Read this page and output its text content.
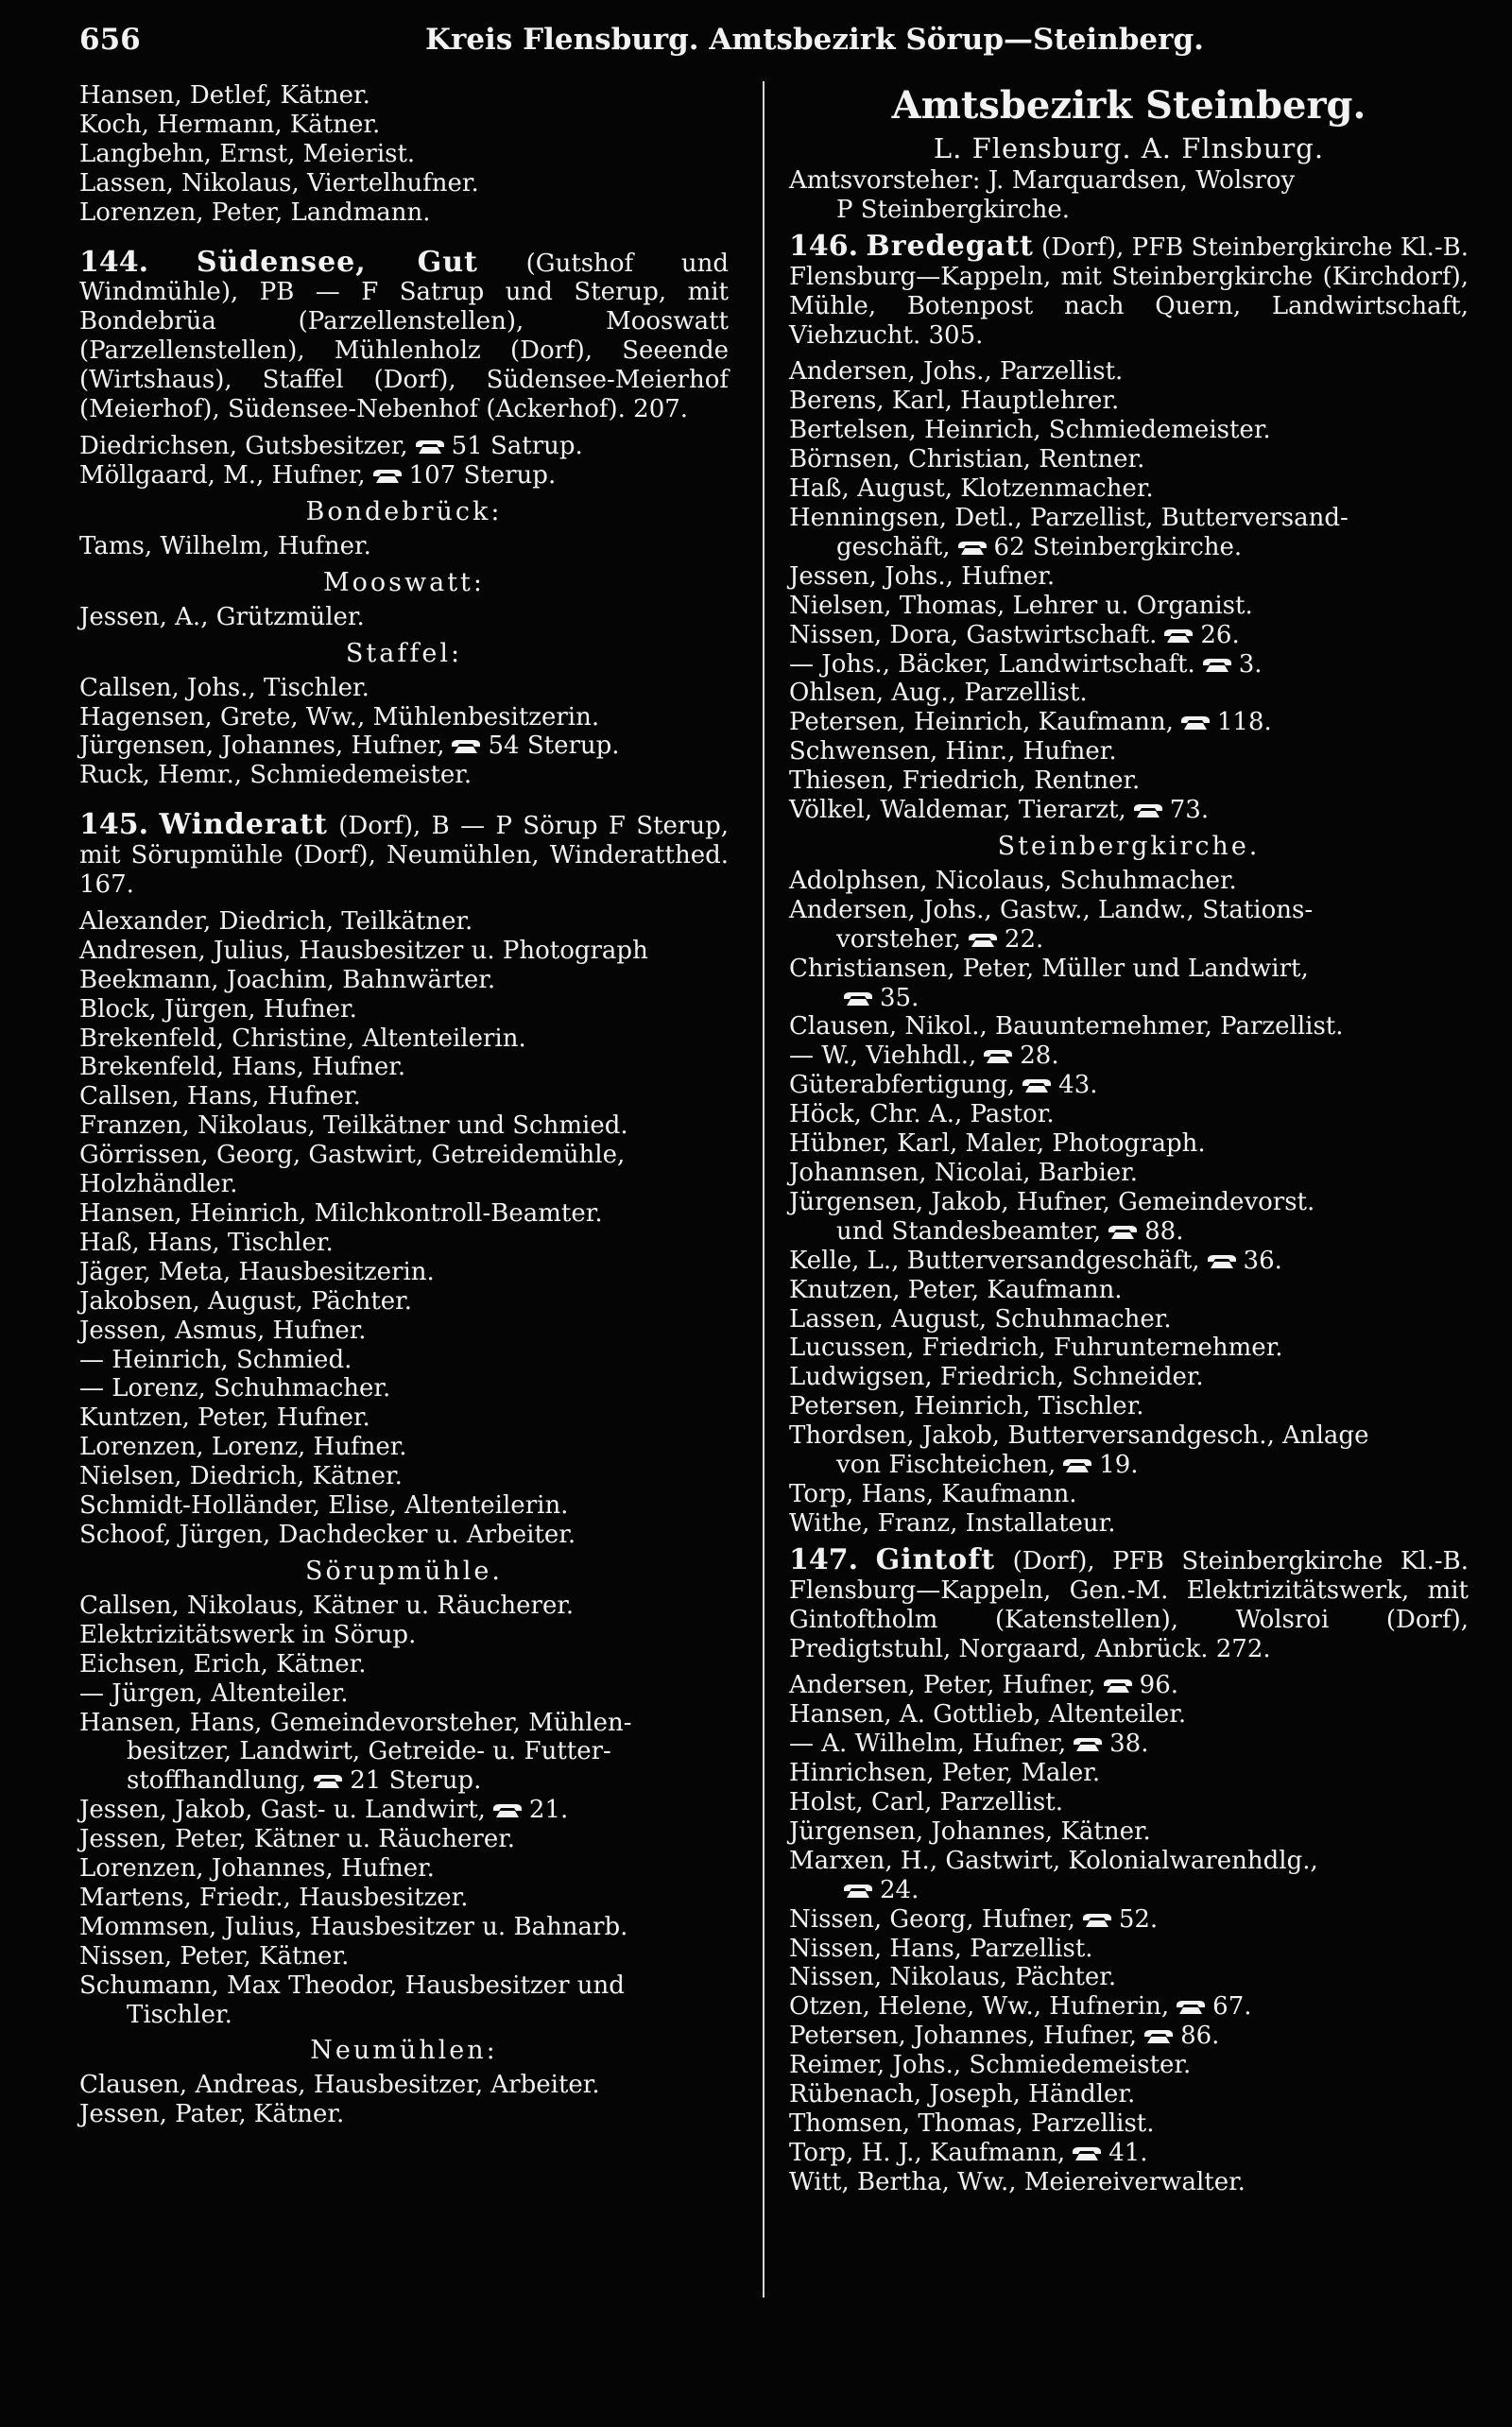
656	Kreis Flensburg. Amtsbezirk Sörup—Steinberg.
Hansen, Detlef, Kätner.
Koch, Hermann, Kätner.
Langbehn, Ernst, Meierist.
Lassen, Nikolaus, Viertelhufner.
Lorenzen, Peter, Landmann.
144. Südensee, Gut (Gutshof und Windmühle), PB — F Satrup und Sterup, mit Bondebrüa (Parzellenstellen), Mooswatt (Parzellenstellen), Mühlenholz (Dorf), Seeende (Wirtshaus), Staffel (Dorf), Südensee-Meierhof (Meierhof), Südensee-Nebenhof (Ackerhof). 207.
Diedrichsen, Gutsbesitzer, 51 Satrup.
Möllgaard, M., Hufner, 107 Sterup.
Bondebrück:
Tams, Wilhelm, Hufner.
Mooswatt:
Jessen, A., Grützmüler.
Staffel:
Callsen, Johs., Tischler.
Hagensen, Grete, Ww., Mühlenbesitzerin.
Jürgensen, Johannes, Hufner, 54 Sterup.
Ruck, Hemr., Schmiedemeister.
145. Winderatt (Dorf), B — P Sörup F Sterup, mit Sörupmühle (Dorf), Neumühlen, Winderatthed. 167.
Alexander, Diedrich, Teilkätner.
Andresen, Julius, Hausbesitzer u. Photograph
Beekmann, Joachim, Bahnwärter.
Block, Jürgen, Hufner.
Brekenfeld, Christine, Altenteilerin.
Brekenfeld, Hans, Hufner.
Callsen, Hans, Hufner.
Franzen, Nikolaus, Teilkätner und Schmied.
Görrissen, Georg, Gastwirt, Getreidemühle,
Holzhändler.
Hansen, Heinrich, Milchkontroll-Beamter.
Haß, Hans, Tischler.
Jäger, Meta, Hausbesitzerin.
Jakobsen, August, Pächter.
Jessen, Asmus, Hufner.
— Heinrich, Schmied.
— Lorenz, Schuhmacher.
Kuntzen, Peter, Hufner.
Lorenzen, Lorenz, Hufner.
Nielsen, Diedrich, Kätner.
Schmidt-Holländer, Elise, Altenteilerin.
Schoof, Jürgen, Dachdecker u. Arbeiter.
Sörupmühle.
Callsen, Nikolaus, Kätner u. Räucherer.
Elektrizitätswerk in Sörup.
Eichsen, Erich, Kätner.
— Jürgen, Altenteiler.
Hansen, Hans, Gemeindevorsteher, Mühlen-
besitzer, Landwirt, Getreide- u. Futter-
stoffhandlung, 21 Sterup.
Jessen, Jakob, Gast- u. Landwirt, 21.
Jessen, Peter, Kätner u. Räucherer.
Lorenzen, Johannes, Hufner.
Martens, Friedr., Hausbesitzer.
Mommsen, Julius, Hausbesitzer u. Bahnarb.
Nissen, Peter, Kätner.
Schumann, Max Theodor, Hausbesitzer und
Tischler.
Neumühlen:
Clausen, Andreas, Hausbesitzer, Arbeiter.
Jessen, Pater, Kätner.
Amtsbezirk Steinberg.
L. Flensburg. A. Flnsburg.
Amtsvorsteher: J. Marquardsen, Wolsroy
P Steinbergkirche.
146. Bredegatt (Dorf), PFB Steinbergkirche Kl.-B. Flensburg—Kappeln, mit Steinbergkirche (Kirchdorf), Mühle, Botenpost nach Quern, Landwirtschaft, Viehzucht. 305.
Andersen, Johs., Parzellist.
Berens, Karl, Hauptlehrer.
Bertelsen, Heinrich, Schmiedemeister.
Börnsen, Christian, Rentner.
Haß, August, Klotzenmacher.
Henningsen, Detl., Parzellist, Butterversand-
geschäft, 62 Steinbergkirche.
Jessen, Johs., Hufner.
Nielsen, Thomas, Lehrer u. Organist.
Nissen, Dora, Gastwirtschaft. 26.
— Johs., Bäcker, Landwirtschaft. 3.
Ohlsen, Aug., Parzellist.
Petersen, Heinrich, Kaufmann, 118.
Schwensen, Hinr., Hufner.
Thiesen, Friedrich, Rentner.
Völkel, Waldemar, Tierarzt, 73.
Steinbergkirche.
Adolphsen, Nicolaus, Schuhmacher.
Andersen, Johs., Gastw., Landw., Stations-
vorsteher, 22.
Christiansen, Peter, Müller und Landwirt,
35.
Clausen, Nikol., Bauunternehmer, Parzellist.
— W., Viehhdl., 28.
Güterabfertigung, 43.
Höck, Chr. A., Pastor.
Hübner, Karl, Maler, Photograph.
Johannsen, Nicolai, Barbier.
Jürgensen, Jakob, Hufner, Gemeindevorst.
und Standesbeamter, 88.
Kelle, L., Butterversandgeschäft, 36.
Knutzen, Peter, Kaufmann.
Lassen, August, Schuhmacher.
Lucussen, Friedrich, Fuhrunternehmer.
Ludwigsen, Friedrich, Schneider.
Petersen, Heinrich, Tischler.
Thordsen, Jakob, Butterversandgesch., Anlage
von Fischteichen, 19.
Torp, Hans, Kaufmann.
Withe, Franz, Installateur.
147. Gintoft (Dorf), PFB Steinbergkirche Kl.-B. Flensburg—Kappeln, Gen.-M. Elektrizitätswerk, mit Gintoftholm (Katenstellen), Wolsroi (Dorf), Predigtstuhl, Norgaard, Anbrück. 272.
Andersen, Peter, Hufner, 96.
Hansen, A. Gottlieb, Altenteiler.
— A. Wilhelm, Hufner, 38.
Hinrichsen, Peter, Maler.
Holst, Carl, Parzellist.
Jürgensen, Johannes, Kätner.
Marxen, H., Gastwirt, Kolonialwarenhdlg.,
24.
Nissen, Georg, Hufner, 52.
Nissen, Hans, Parzellist.
Nissen, Nikolaus, Pächter.
Otzen, Helene, Ww., Hufnerin, 67.
Petersen, Johannes, Hufner, 86.
Reimer, Johs., Schmiedemeister.
Rübenach, Joseph, Händler.
Thomsen, Thomas, Parzellist.
Torp, H. J., Kaufmann, 41.
Witt, Bertha, Ww., Meiereiverwalter.
